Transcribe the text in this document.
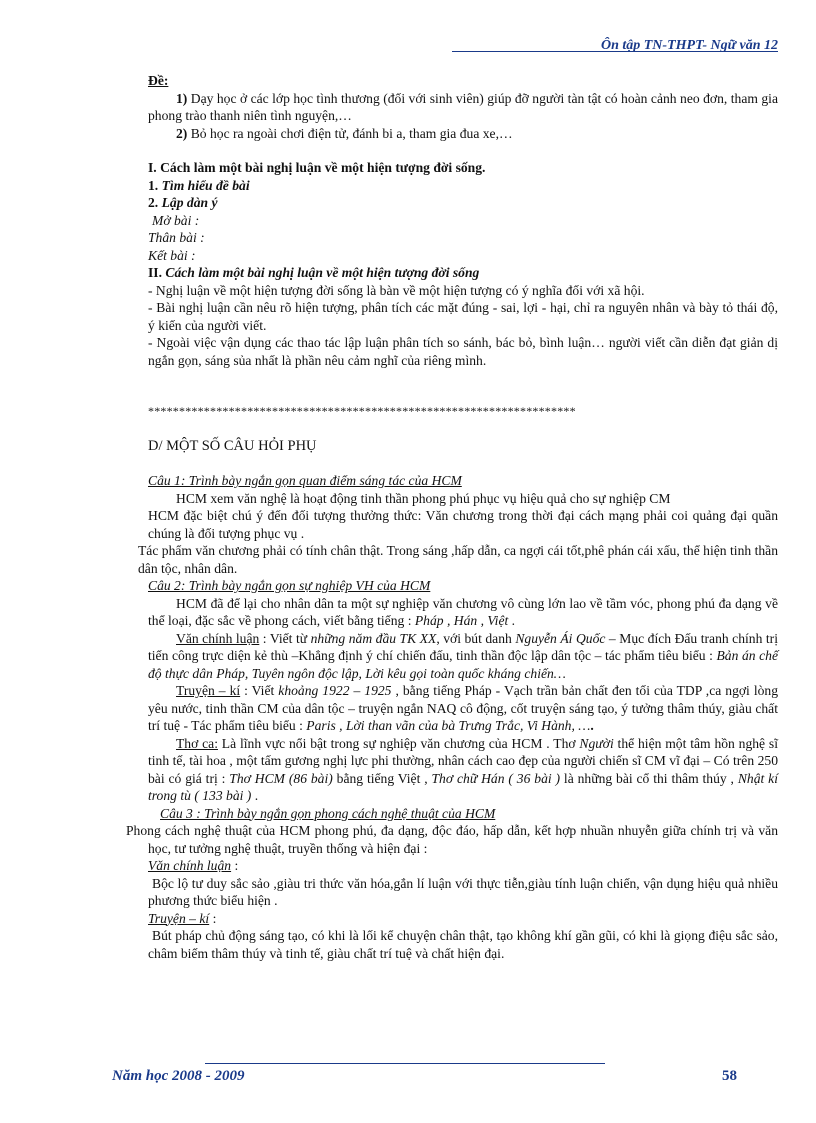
Ôn tập TN-THPT- Ngữ văn 12

Đề:

1) Dạy học ở các lớp học tình thương (đối với sinh viên) giúp đỡ người tàn tật có hoàn cảnh neo đơn, tham gia phong trào thanh niên tình nguyện,…

2) Bỏ học ra ngoài chơi điện tử, đánh bi a, tham gia đua xe,…

I. Cách làm một bài nghị luận về một hiện tượng đời sống.

1. Tìm hiểu đề bài

2. Lập dàn ý

Mở bài :

Thân bài :

Kết bài :

II. Cách làm một bài nghị luận về một hiện tượng đời sống

- Nghị luận về một hiện tượng đời sống là bàn về một hiện tượng có ý nghĩa đối với xã hội.

- Bài nghị luận cần nêu rõ hiện tượng, phân tích các mặt đúng - sai, lợi - hại, chỉ ra nguyên nhân và bày tỏ thái độ, ý kiến của người viết.

- Ngoài việc vận dụng các thao tác lập luận phân tích so sánh, bác bỏ, bình luận… người viết cần diễn đạt giản dị ngắn gọn, sáng sủa nhất là phần nêu cảm nghĩ của riêng mình.

*********************************************************************

D/ MỘT SỐ CÂU HỎI PHỤ

Câu 1: Trình bày ngắn gọn quan điểm sáng tác của HCM

HCM xem văn nghệ là hoạt động tinh thần phong phú phục vụ hiệu quả cho sự nghiệp CM

HCM đặc biệt chú ý đến đối tượng thưởng thức: Văn chương trong thời đại cách mạng phải coi quảng đại quần chúng là đối tượng phục vụ .

Tác phẩm văn chương phải có tính chân thật. Trong sáng ,hấp dẫn, ca ngợi cái tốt,phê phán cái xấu, thể hiện tinh thần dân tộc, nhân dân.

Câu 2: Trình bày ngắn gọn sự nghiệp VH của HCM

HCM đã để lại cho nhân dân ta một sự nghiệp văn chương vô cùng lớn lao về tầm vóc, phong phú đa dạng về thể loại, đặc sắc về phong cách, viết bằng tiếng : Pháp , Hán , Việt .

Văn chính luận : Viết từ những năm đầu TK XX, với bút danh Nguyễn Ái Quốc – Mục đích Đấu tranh chính trị tiến công trực diện kẻ thù –Khẳng định ý chí chiến đấu, tinh thần độc lập dân tộc – tác phẩm tiêu biểu : Bản án chế độ thực dân Pháp, Tuyên ngôn độc lập, Lời kêu gọi toàn quốc kháng chiến…

Truyện – kí : Viết khoảng 1922 – 1925 , bằng tiếng Pháp - Vạch trần bản chất đen tối của TDP ,ca ngợi lòng yêu nước, tinh thần CM của dân tộc – truyện ngắn NAQ cô động, cốt truyện sáng tạo, ý tưởng thâm thúy, giàu chất trí tuệ - Tác phẩm tiêu biểu : Paris , Lời than vãn của bà Trưng Trắc, Vi Hành, ….

Thơ ca: Là lĩnh vực nổi bật trong sự nghiệp văn chương của HCM . Thơ Người thể hiện một tâm hồn nghệ sĩ tinh tế, tài hoa , một tấm gương nghị lực phi thường, nhân cách cao đẹp của người chiến sĩ CM vĩ đại – Có trên 250 bài có giá trị : Thơ HCM (86 bài) bằng tiếng Việt , Thơ chữ Hán ( 36 bài ) là những bài cổ thi thâm thúy , Nhật kí trong tù ( 133 bài ) .

Câu 3 : Trình bày ngắn gọn phong cách nghệ thuật của HCM

Phong cách nghệ thuật của HCM phong phú, đa dạng, độc đáo, hấp dẫn, kết hợp nhuần nhuyễn giữa chính trị và văn học, tư tưởng nghệ thuật, truyền thống và hiện đại :

Văn chính luận :

Bộc lộ tư duy sắc sảo ,giàu tri thức văn hóa,gắn lí luận với thực tiễn,giàu tính luận chiến, vận dụng hiệu quả nhiều phương thức biểu hiện .

Truyện – kí :

Bút pháp chủ động sáng tạo, có khi là lối kể chuyện chân thật, tạo không khí gần gũi, có khi là giọng điệu sắc sảo, châm biếm thâm thúy và tinh tế, giàu chất trí tuệ và chất hiện đại.

Năm học 2008 - 2009	58
